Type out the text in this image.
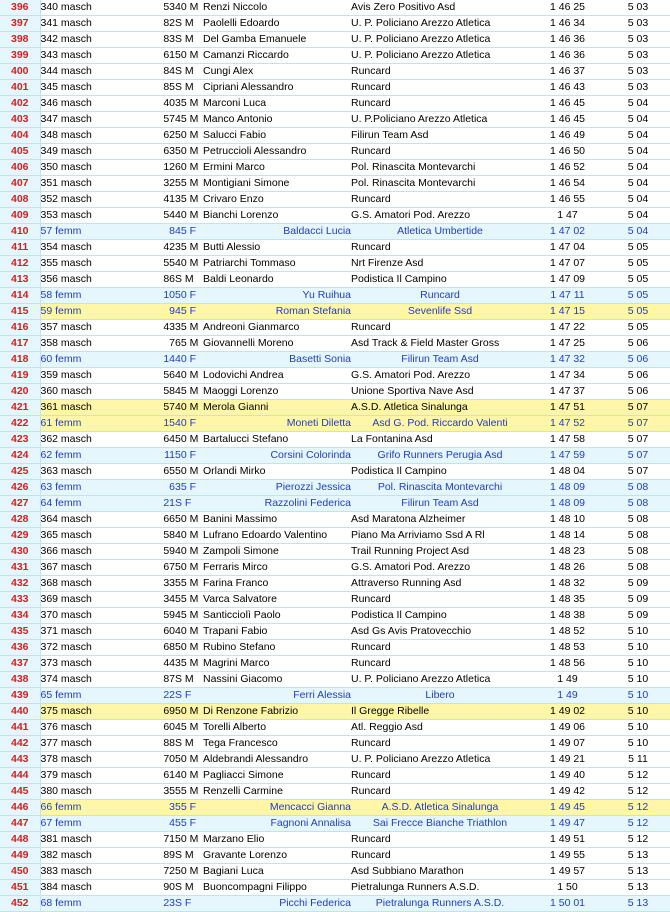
396	340 masch	53	40 M	Renzi Niccolo	Avis Zero Positivo Asd	1 46 25	5 03
397	341 masch	82	S M	Paolelli Edoardo	U. P. Policiano Arezzo Atletica	1 46 34	5 03
398	342 masch	83	S M	Del Gamba Emanuele	U. P. Policiano Arezzo Atletica	1 46 36	5 03
399	343 masch	61	50 M	Camanzi Riccardo	U. P. Policiano Arezzo Atletica	1 46 36	5 03
400	344 masch	84	S M	Cungi Alex	Runcard	1 46 37	5 03
401	345 masch	85	S M	Cipriani Alessandro	Runcard	1 46 43	5 03
402	346 masch	40	35 M	Marconi Luca	Runcard	1 46 45	5 04
403	347 masch	57	45 M	Manco Antonio	U. P.Policiano Arezzo Atletica	1 46 45	5 04
404	348 masch	62	50 M	Salucci Fabio	Filirun Team Asd	1 46 49	5 04
405	349 masch	63	50 M	Petruccioli Alessandro	Runcard	1 46 50	5 04
406	350 masch	12	60 M	Ermini Marco	Pol. Rinascita Montevarchi	1 46 52	5 04
407	351 masch	32	55 M	Montigiani Simone	Pol. Rinascita Montevarchi	1 46 54	5 04
408	352 masch	41	35 M	Crivaro Enzo	Runcard	1 46 55	5 04
409	353 masch	54	40 M	Bianchi Lorenzo	G.S. Amatori Pod. Arezzo	1 47	5 04
410	57 femm	8	45 F	Baldacci Lucia	Atletica Umbertide	1 47 02	5 04
411	354 masch	42	35 M	Butti Alessio	Runcard	1 47 04	5 05
412	355 masch	55	40 M	Patriarchi Tommaso	Nrt Firenze Asd	1 47 07	5 05
413	356 masch	86	S M	Baldi Leonardo	Podistica Il Campino	1 47 09	5 05
414	58 femm	10	50 F	Yu Ruihua	Runcard	1 47 11	5 05
415	59 femm	9	45 F	Roman Stefania	Sevenlife Ssd	1 47 15	5 05
416	357 masch	43	35 M	Andreoni Gianmarco	Runcard	1 47 22	5 05
417	358 masch	7	65 M	Giovannelli Moreno	Asd Track & Field Master Gross	1 47 25	5 06
418	60 femm	14	40 F	Basetti Sonia	Filirun Team Asd	1 47 32	5 06
419	359 masch	56	40 M	Lodovichi Andrea	G.S. Amatori Pod. Arezzo	1 47 34	5 06
420	360 masch	58	45 M	Maoggi Lorenzo	Unione Sportiva Nave Asd	1 47 37	5 06
421	361 masch	57	40 M	Merola Gianni	A.S.D. Atletica Sinalunga	1 47 51	5 07
422	61 femm	15	40 F	Moneti Diletta	Asd G. Pod. Riccardo Valenti	1 47 52	5 07
423	362 masch	64	50 M	Bartalucci Stefano	La Fontanina Asd	1 47 58	5 07
424	62 femm	11	50 F	Corsini Colorinda	Grifo Runners Perugia Asd	1 47 59	5 07
425	363 masch	65	50 M	Orlandi Mirko	Podistica Il Campino	1 48 04	5 07
426	63 femm	6	35 F	Pierozzi Jessica	Pol. Rinascita Montevarchi	1 48 09	5 08
427	64 femm	21	S F	Razzolini Federica	Filirun Team Asd	1 48 09	5 08
428	364 masch	66	50 M	Banini Massimo	Asd Maratona Alzheimer	1 48 10	5 08
429	365 masch	58	40 M	Lufrano Edoardo Valentino	Piano Ma Arriviamo Ssd A Rl	1 48 14	5 08
430	366 masch	59	40 M	Zampoli Simone	Trail Running Project Asd	1 48 23	5 08
431	367 masch	67	50 M	Ferraris Mirco	G.S. Amatori Pod. Arezzo	1 48 26	5 08
432	368 masch	33	55 M	Farina Franco	Attraverso Running Asd	1 48 32	5 09
433	369 masch	34	55 M	Varca Salvatore	Runcard	1 48 35	5 09
434	370 masch	59	45 M	Santicciolì Paolo	Podistica Il Campino	1 48 38	5 09
435	371 masch	60	40 M	Trapani Fabio	Asd Gs Avis Pratovecchio	1 48 52	5 10
436	372 masch	68	50 M	Rubino Stefano	Runcard	1 48 53	5 10
437	373 masch	44	35 M	Magrini Marco	Runcard	1 48 56	5 10
438	374 masch	87	S M	Nassini Giacomo	U. P. Policiano Arezzo Atletica	1 49	5 10
439	65 femm	22	S F	Ferri Alessia	Libero	1 49	5 10
440	375 masch	69	50 M	Di Renzone Fabrizio	Il Gregge Ribelle	1 49 02	5 10
441	376 masch	60	45 M	Torelli Alberto	Atl. Reggio Asd	1 49 06	5 10
442	377 masch	88	S M	Tega Francesco	Runcard	1 49 07	5 10
443	378 masch	70	50 M	Aldebrandi Alessandro	U. P. Policiano Arezzo Atletica	1 49 21	5 11
444	379 masch	61	40 M	Pagliacci Simone	Runcard	1 49 40	5 12
445	380 masch	35	55 M	Renzelli Carmine	Runcard	1 49 42	5 12
446	66 femm	3	55 F	Mencacci Gianna	A.S.D. Atletica Sinalunga	1 49 45	5 12
447	67 femm	4	55 F	Fagnoni Annalisa	Sai Frecce Bianche Triathlon	1 49 47	5 12
448	381 masch	71	50 M	Marzano Elio	Runcard	1 49 51	5 12
449	382 masch	89	S M	Gravante Lorenzo	Runcard	1 49 55	5 13
450	383 masch	72	50 M	Bagiani Luca	Asd Subbiano Marathon	1 49 57	5 13
451	384 masch	90	S M	Buoncompagni Filippo	Pietralunga Runners A.S.D.	1 50	5 13
452	68 femm	23	S F	Picchi Federica	Pietralunga Runners A.S.D.	1 50 01	5 13
